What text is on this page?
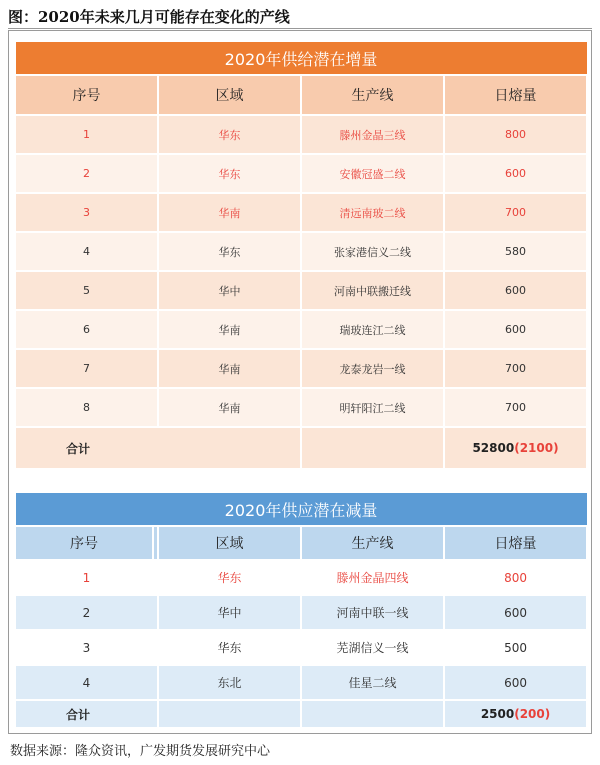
图：2020年未来几月可能存在变化的产线
2020年供给潜在增量			
序号	区域	生产线	日熔量
1	华东	滕州金晶三线	800
2	华东	安徽冠盛二线	600
3	华南	清远南玻二线	700
4	华东	张家港信义二线	580
5	华中	河南中联搬迁线	600
6	华南	瑞玻连江二线	600
7	华南	龙泰龙岩一线	700
8	华南	明轩阳江二线	700
合计			52800(2100)
2020年供应潜在减量				
序号		区域	生产线	日熔量
1		华东	滕州金晶四线	800
2		华中	河南中联一线	600
3		华东	芜湖信义一线	500
4		东北	佳星二线	600
合计				2500(200)
数据来源：隆众资讯，广发期货发展研究中心
